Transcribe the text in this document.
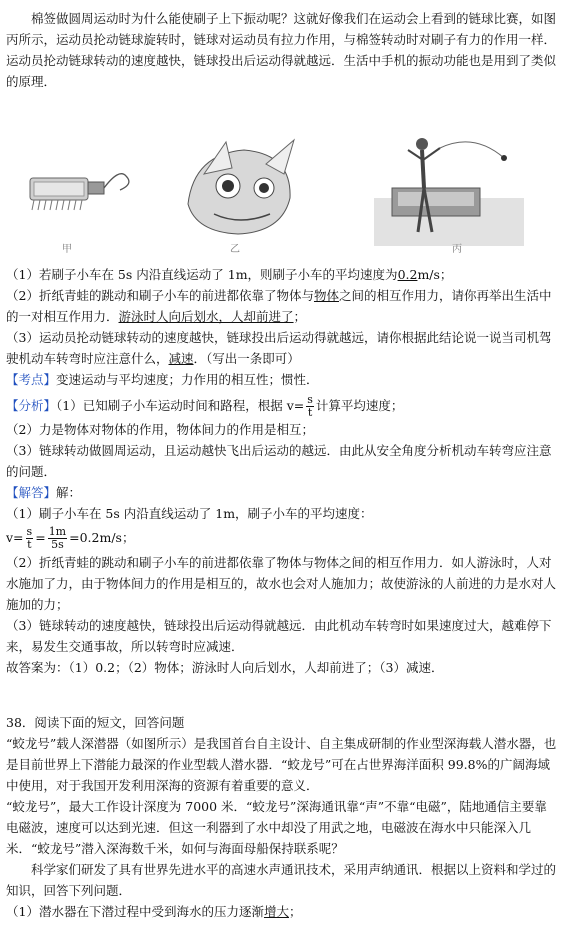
棉签做圆周运动时为什么能使刷子上下振动呢？这就好像我们在运动会上看到的链球比赛，如图丙所示，运动员抡动链球旋转时，链球对运动员有拉力作用，与棉签转动时对刷子有力的作用一样．运动员抡动链球转动的速度越快，链球投出后运动得就越远．生活中手机的振动功能也是用到了类似的原理．

甲	乙	丙

（1）若刷子小车在 5s 内沿直线运动了 1m，则刷子小车的平均速度为0.2m/s；

（2）折纸青蛙的跳动和刷子小车的前进都依靠了物体与物体之间的相互作用力，请你再举出生活中的一对相互作用力．游泳时人向后划水，人却前进了；

（3）运动员抡动链球转动的速度越快，链球投出后运动得就越远，请你根据此结论说一说当司机驾驶机动车转弯时应注意什么，减速．（写出一条即可）

【考点】变速运动与平均速度；力作用的相互性；惯性．

【分析】（1）已知刷子小车运动时间和路程，根据 $v= \frac{s}{t}$ 计算平均速度；

（2）力是物体对物体的作用，物体间力的作用是相互；

（3）链球转动做圆周运动，且运动越快飞出后运动的越远．由此从安全角度分析机动车转弯应注意的问题．

【解答】解：

（1）刷子小车在 5s 内沿直线运动了 1m，刷子小车的平均速度：

$v= \frac{s}{t} = \frac{1m}{5s} =0.2m/s$；

（2）折纸青蛙的跳动和刷子小车的前进都依靠了物体与物体之间的相互作用力．如人游泳时，人对水施加了力，由于物体间力的作用是相互的，故水也会对人施加力；故使游泳的人前进的力是水对人施加的力；

（3）链球转动的速度越快，链球投出后运动得就越远．由此机动车转弯时如果速度过大，越难停下来，易发生交通事故，所以转弯时应减速．

故答案为：（1）0.2；（2）物体；游泳时人向后划水，人却前进了；（3）减速．

38．阅读下面的短文，回答问题

“蛟龙号”载人深潜器（如图所示）是我国首台自主设计、自主集成研制的作业型深海载人潜水器，也是目前世界上下潜能力最深的作业型载人潜水器．“蛟龙号”可在占世界海洋面积 99.8%的广阔海域中使用，对于我国开发利用深海的资源有着重要的意义．

“蛟龙号”，最大工作设计深度为 7000 米．“蛟龙号”深海通讯靠“声”不靠“电磁”，陆地通信主要靠电磁波，速度可以达到光速．但这一利器到了水中却没了用武之地，电磁波在海水中只能深入几米．“蛟龙号”潜入深海数千米，如何与海面母船保持联系呢？

科学家们研发了具有世界先进水平的高速水声通讯技术，采用声纳通讯．根据以上资料和学过的知识，回答下列问题．

（1）潜水器在下潜过程中受到海水的压力逐渐增大；
